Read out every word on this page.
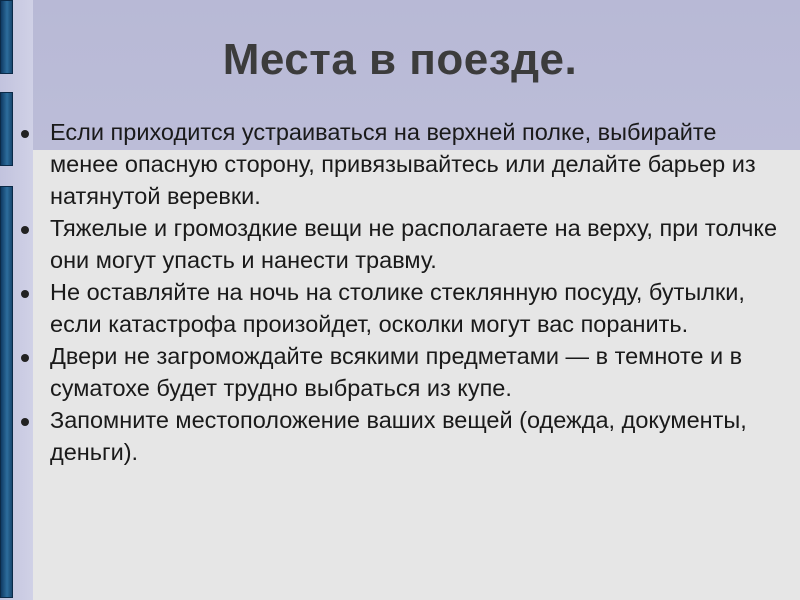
Места в поезде.
Если приходится устраиваться на верхней полке, выбирайте менее опасную сторону, привязывайтесь или делайте барьер из натянутой веревки.
Тяжелые и громоздкие вещи не располагаете на верху, при толчке они могут упасть и нанести травму.
Не оставляйте на ночь на столике стеклянную посуду, бутылки, если катастрофа произойдет, осколки могут вас поранить.
Двери не загромождайте всякими предметами — в темноте и в суматохе будет трудно выбраться из купе.
Запомните местоположение ваших вещей (одежда, документы, деньги).
